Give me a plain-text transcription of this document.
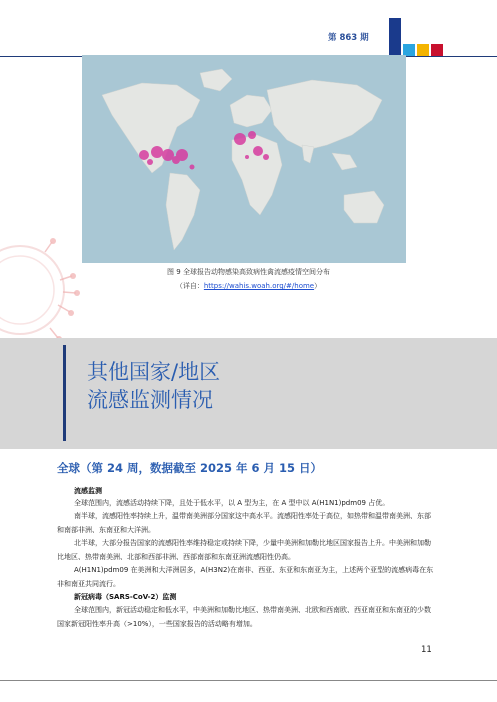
第 863 期
图 9 全球报告动物感染高致病性禽流感疫情空间分布
（详自：https://wahis.woah.org/#/home）
其他国家/地区
流感监测情况
全球（第 24 周，数据截至 2025 年 6 月 15 日）
流感监测

全球范围内，流感活动持续下降，且处于低水平，以 A 型为主，在 A 型中以 A(H1N1)pdm09 占优。

南半球，流感阳性率持续上升，温带南美洲部分国家这中高水平。流感阳性率处于高位，如热带和温带南美洲、东部和南部非洲、东南亚和大洋洲。

北半球，大部分报告国家的流感阳性率维持稳定或持续下降，少量中美洲和加勒比地区国家报告上升。中美洲和加勒比地区、热带南美洲、北部和西部非洲、西部南部和东南亚洲流感阳性仍高。

A(H1N1)pdm09 在美洲和大洋洲居多，A(H3N2)在南非、西亚、东亚和东南亚为主，上述两个亚型的流感病毒在东非和南亚共同流行。

新冠病毒（SARS-CoV-2）监测

全球范围内，新冠活动稳定和低水平，中美洲和加勒比地区、热带南美洲、北欧和西南欧、西亚南亚和东南亚的少数国家新冠阳性率升高（>10%），一些国家报告的活动略有增加。

11
